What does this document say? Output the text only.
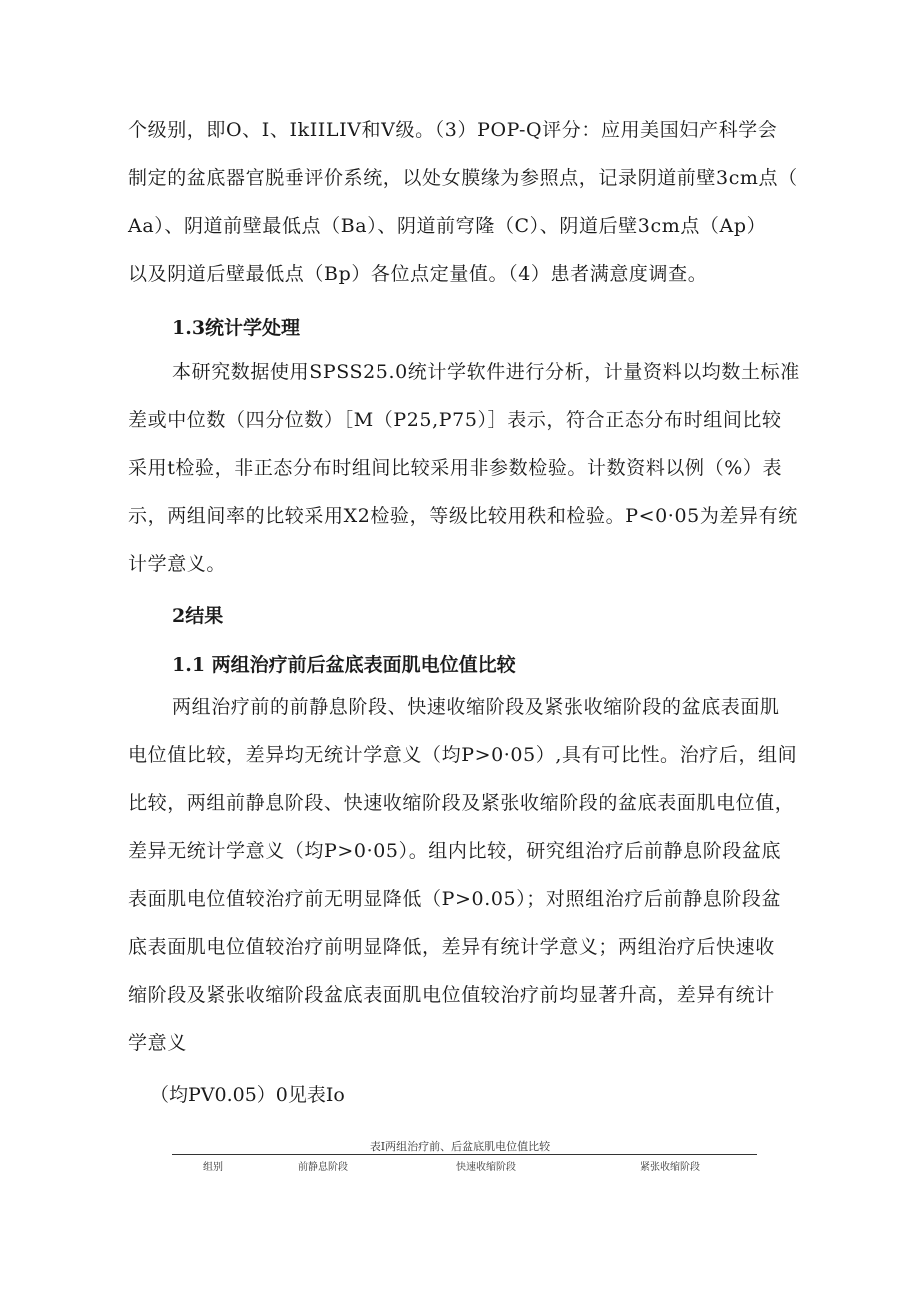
个级别，即O、I、IkIILIV和V级。（3）POP-Q评分：应用美国妇产科学会
制定的盆底器官脱垂评价系统，以处女膜缘为参照点，记录阴道前壁3cm点（
Aa）、阴道前壁最低点（Ba）、阴道前穹隆（C）、阴道后壁3cm点（Ap）
以及阴道后壁最低点（Bp）各位点定量值。（4）患者满意度调查。
1.3统计学处理
本研究数据使用SPSS25.0统计学软件进行分析，计量资料以均数土标准
差或中位数（四分位数）［M（P25,P75）］表示，符合正态分布时组间比较
采用t检验，非正态分布时组间比较采用非参数检验。计数资料以例（%）表
示，两组间率的比较采用X2检验，等级比较用秩和检验。P<0·05为差异有统
计学意义。
2结果
1.1 两组治疗前后盆底表面肌电位值比较
两组治疗前的前静息阶段、快速收缩阶段及紧张收缩阶段的盆底表面肌
电位值比较，差异均无统计学意义（均P>0·05）,具有可比性。治疗后，组间
比较，两组前静息阶段、快速收缩阶段及紧张收缩阶段的盆底表面肌电位值，
差异无统计学意义（均P>0·05）。组内比较，研究组治疗后前静息阶段盆底
表面肌电位值较治疗前无明显降低（P>0.05）；对照组治疗后前静息阶段盆
底表面肌电位值较治疗前明显降低，差异有统计学意义；两组治疗后快速收
缩阶段及紧张收缩阶段盆底表面肌电位值较治疗前均显著升高，差异有统计
学意义
（均PV0.05）0见表Io
表I两组治疗前、后盆底肌电位值比较
组别	前静息阶段	快速收缩阶段	紧张收缩阶段
